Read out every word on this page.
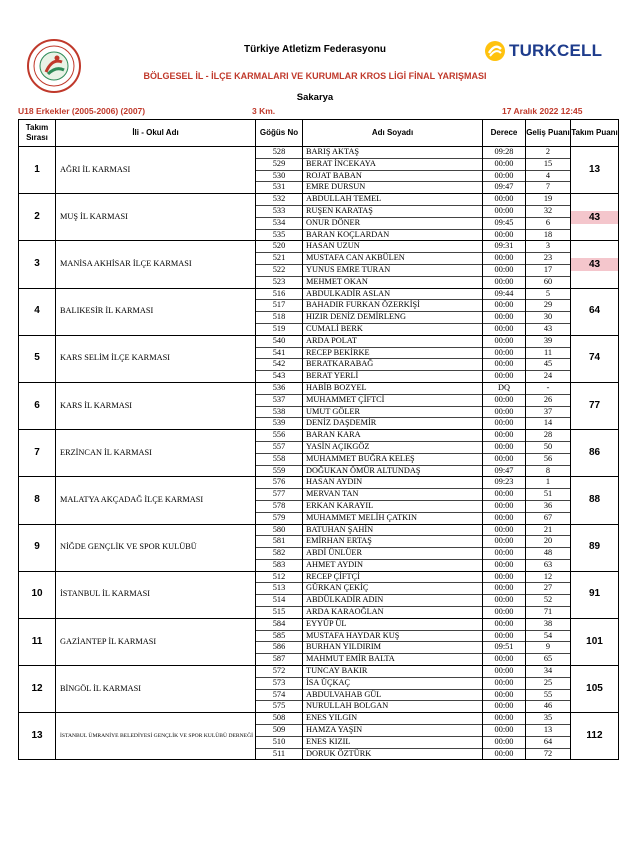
Türkiye Atletizm Federasyonu	TURKCELL
BÖLGESEL İL - İLÇE KARMALARI VE KURUMLAR KROS LİGİ FİNAL YARIŞMASI
Sakarya
U18 Erkekler (2005-2006) (2007)	3 Km.	17 Aralık 2022 12:45
Takım Sırası	İli - Okul Adı	Göğüs No	Adı Soyadı	Derece	Geliş Puanı	Takım Puanı
1	AĞRI İL KARMASI	528	BARIŞ AKTAŞ	09:28	2	13
		529	BERAT İNCEKAYA	00:00	15	
		530	ROJAT BABAN	00:00	4	
		531	EMRE DURSUN	09:47	7	
2	MUŞ İL KARMASI	532	ABDULLAH TEMEL	00:00	19	43
		533	RUŞEN KARATAŞ	00:00	32	
		534	ONUR DÖNER	09:45	6	
		535	BARAN KOÇLARDAN	00:00	18	
3	MANİSA AKHİSAR İLÇE KARMASI	520	HASAN UZUN	09:31	3	43
		521	MUSTAFA CAN AKBÜLEN	00:00	23	
		522	YUNUS EMRE TURAN	00:00	17	
		523	MEHMET OKAN	00:00	60	
4	BALIKESİR İL KARMASI	516	ABDULKADİR ASLAN	09:44	5	64
		517	BAHADIR FURKAN ÖZERKİŞİ	00:00	29	
		518	HIZIR DENİZ DEMİRLENG	00:00	30	
		519	CUMALİ BERK	00:00	43	
5	KARS SELİM İLÇE KARMASI	540	ARDA POLAT	00:00	39	74
		541	RECEP BEKİRKE	00:00	11	
		542	BERATKARABAĞ	00:00	45	
		543	BERAT YERLİ	00:00	24	
6	KARS İL KARMASI	536	HABİB BOZYEL	DQ	-	77
		537	MUHAMMET ÇİFTCİ	00:00	26	
		538	UMUT GÖLER	00:00	37	
		539	DENİZ DAŞDEMİR	00:00	14	
7	ERZİNCAN İL KARMASI	556	BARAN KARA	00:00	28	86
		557	YASİN AÇIKGÖZ	00:00	50	
		558	MUHAMMET BUĞRA KELEŞ	00:00	56	
		559	DOĞUKAN ÖMÜR ALTUNDAŞ	09:47	8	
8	MALATYA AKÇADAĞ İLÇE KARMASI	576	HASAN AYDIN	09:23	1	88
		577	MERVAN TAN	00:00	51	
		578	ERKAN KARAYIL	00:00	36	
		579	MUHAMMET MELİH ÇATKIN	00:00	67	
9	NİĞDE GENÇLİK VE SPOR KULÜBÜ	580	BATUHAN ŞAHİN	00:00	21	89
		581	EMİRHAN ERTAŞ	00:00	20	
		582	ABDİ ÜNLÜER	00:00	48	
		583	AHMET AYDIN	00:00	63	
10	İSTANBUL İL KARMASI	512	RECEP ÇİFTÇİ	00:00	12	91
		513	GÜRKAN ÇEKİÇ	00:00	27	
		514	ABDÜLKADİR ADIN	00:00	52	
		515	ARDA KARAOĞLAN	00:00	71	
11	GAZİANTEP İL KARMASI	584	EYYÜP ÜL	00:00	38	101
		585	MUSTAFA HAYDAR KUŞ	00:00	54	
		586	BURHAN YILDIRIM	09:51	9	
		587	MAHMUT EMİR BALTA	00:00	65	
12	BİNGÖL İL KARMASI	572	TUNCAY BAKIR	00:00	34	105
		573	İSA ÜÇKAÇ	00:00	25	
		574	ABDULVAHAB GÜL	00:00	55	
		575	NURULLAH BOLGAN	00:00	46	
13	İSTANBUL ÜMRANİYE BELEDİYESİ GENÇLİK VE SPOR KULÜBÜ DERNEĞİ	508	ENES YILGIN	00:00	35	112
		509	HAMZA YAŞIN	00:00	13	
		510	ENES KIZIL	00:00	64	
		511	DORUK ÖZTÜRK	00:00	72	
